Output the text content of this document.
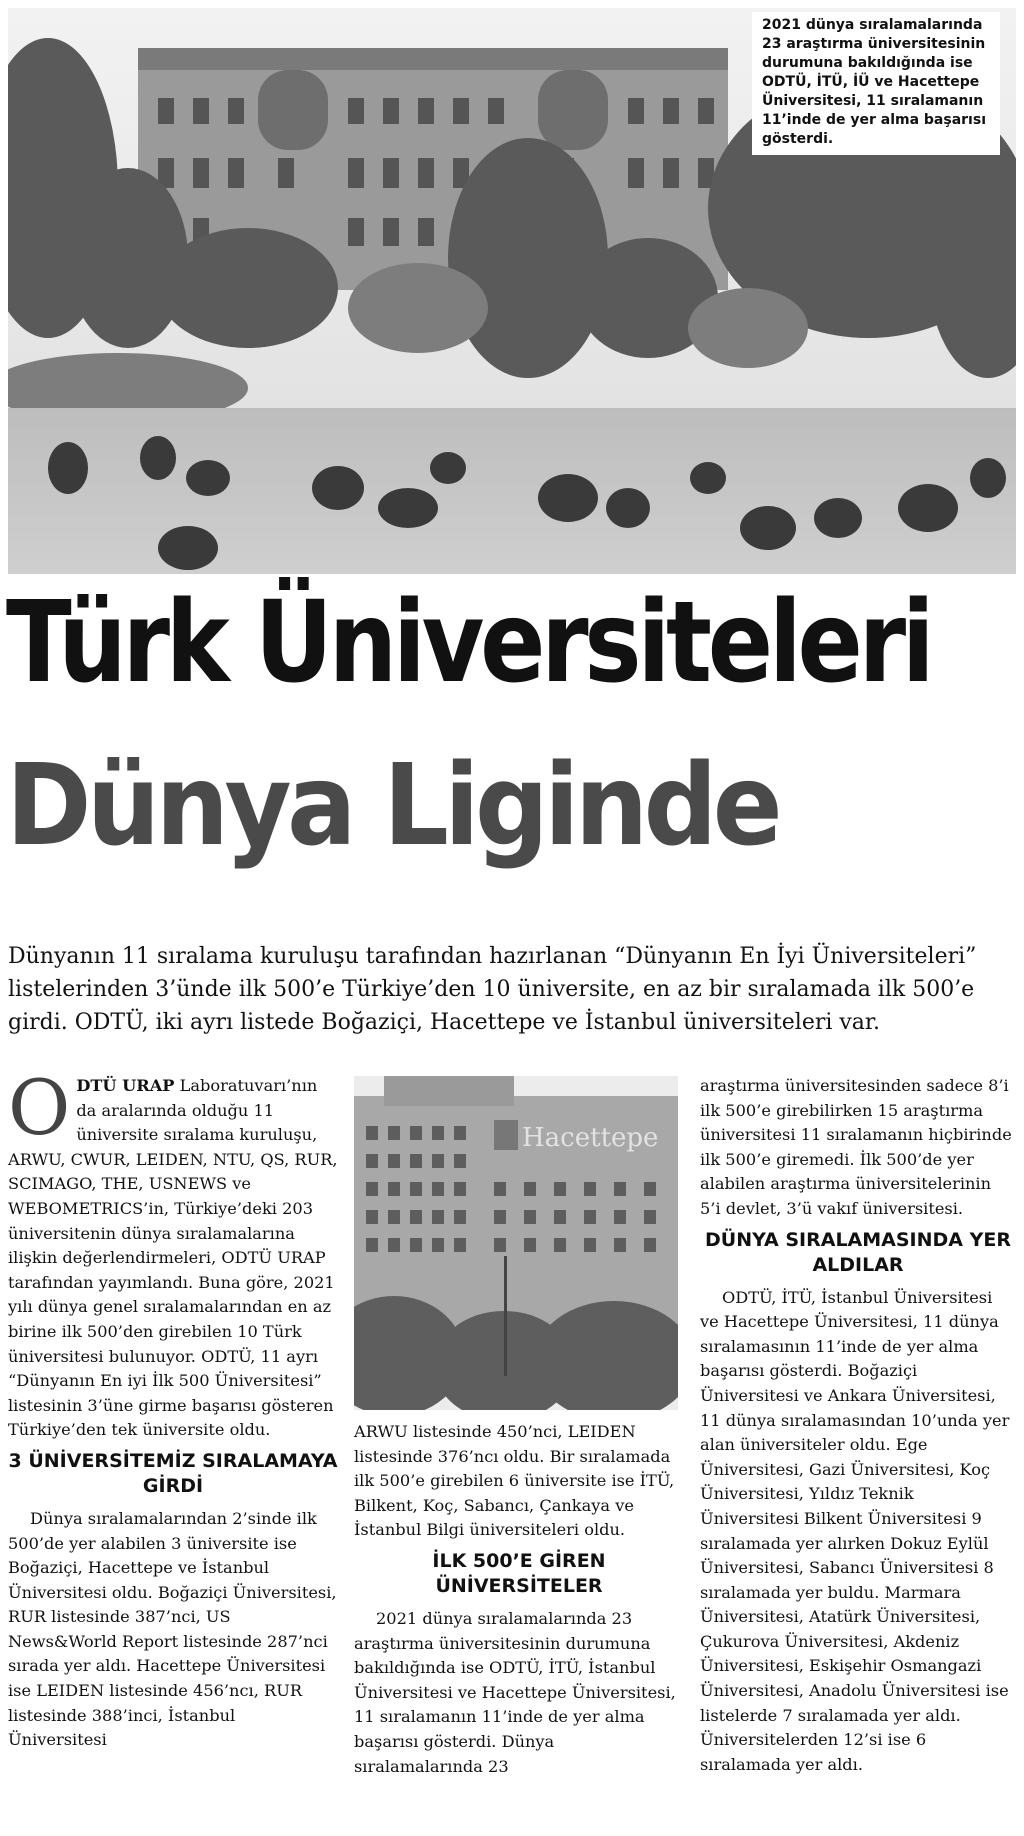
2021 dünya sıralamalarında 23 araştırma üniversitesinin durumuna bakıldığında ise ODTÜ, İTÜ, İÜ ve Hacettepe Üniversitesi, 11 sıralamanın 11’inde de yer alma başarısı gösterdi.
Türk Üniversiteleri
Dünya Liginde
Dünyanın 11 sıralama kuruluşu tarafından hazırlanan “Dünyanın En İyi Üniversiteleri” listelerinden 3’ünde ilk 500’e Türkiye’den 10 üniversite, en az bir sıralamada ilk 500’e girdi. ODTÜ, iki ayrı listede Boğaziçi, Hacettepe ve İstanbul üniversiteleri var.

ODTÜ URAP Laboratuvarı’nın da aralarında olduğu 11 üniversite sıralama kuruluşu, ARWU, CWUR, LEIDEN, NTU, QS, RUR, SCIMAGO, THE, USNEWS ve WEBOMETRICS’in, Türkiye’deki 203 üniversitenin dünya sıralamalarına ilişkin değerlendirmeleri, ODTÜ URAP tarafından yayımlandı. Buna göre, 2021 yılı dünya genel sıralamalarından en az birine ilk 500’den girebilen 10 Türk üniversitesi bulunuyor. ODTÜ, 11 ayrı “Dünyanın En iyi İlk 500 Üniversitesi” listesinin 3’üne girme başarısı gösteren Türkiye’den tek üniversite oldu.

3 ÜNİVERSİTEMİZ SIRALAMAYA GİRDİ

Dünya sıralamalarından 2’sinde ilk 500’de yer alabilen 3 üniversite ise Boğaziçi, Hacettepe ve İstanbul Üniversitesi oldu. Boğaziçi Üniversitesi, RUR listesinde 387’nci, US News&World Report listesinde 287’nci sırada yer aldı. Hacettepe Üniversitesi ise LEIDEN listesinde 456’ncı, RUR listesinde 388’inci, İstanbul Üniversitesi

Hacettepe

ARWU listesinde 450’nci, LEIDEN listesinde 376’ncı oldu. Bir sıralamada ilk 500’e girebilen 6 üniversite ise İTÜ, Bilkent, Koç, Sabancı, Çankaya ve İstanbul Bilgi üniversiteleri oldu.

İLK 500’E GİREN ÜNİVERSİTELER

2021 dünya sıralamalarında 23 araştırma üniversitesinin durumuna bakıldığında ise ODTÜ, İTÜ, İstanbul Üniversitesi ve Hacettepe Üniversitesi, 11 sıralamanın 11’inde de yer alma başarısı gösterdi. Dünya sıralamalarında 23

araştırma üniversitesinden sadece 8’i ilk 500’e girebilirken 15 araştırma üniversitesi 11 sıralamanın hiçbirinde ilk 500’e giremedi. İlk 500’de yer alabilen araştırma üniversitelerinin 5’i devlet, 3’ü vakıf üniversitesi.

DÜNYA SIRALAMASINDA YER ALDILAR

ODTÜ, İTÜ, İstanbul Üniversitesi ve Hacettepe Üniversitesi, 11 dünya sıralamasının 11’inde de yer alma başarısı gösterdi. Boğaziçi Üniversitesi ve Ankara Üniversitesi, 11 dünya sıralamasından 10’unda yer alan üniversiteler oldu. Ege Üniversitesi, Gazi Üniversitesi, Koç Üniversitesi, Yıldız Teknik Üniversitesi Bilkent Üniversitesi 9 sıralamada yer alırken Dokuz Eylül Üniversitesi, Sabancı Üniversitesi 8 sıralamada yer buldu. Marmara Üniversitesi, Atatürk Üniversitesi, Çukurova Üniversitesi, Akdeniz Üniversitesi, Eskişehir Osmangazi Üniversitesi, Anadolu Üniversitesi ise listelerde 7 sıralamada yer aldı. Üniversitelerden 12’si ise 6 sıralamada yer aldı.
